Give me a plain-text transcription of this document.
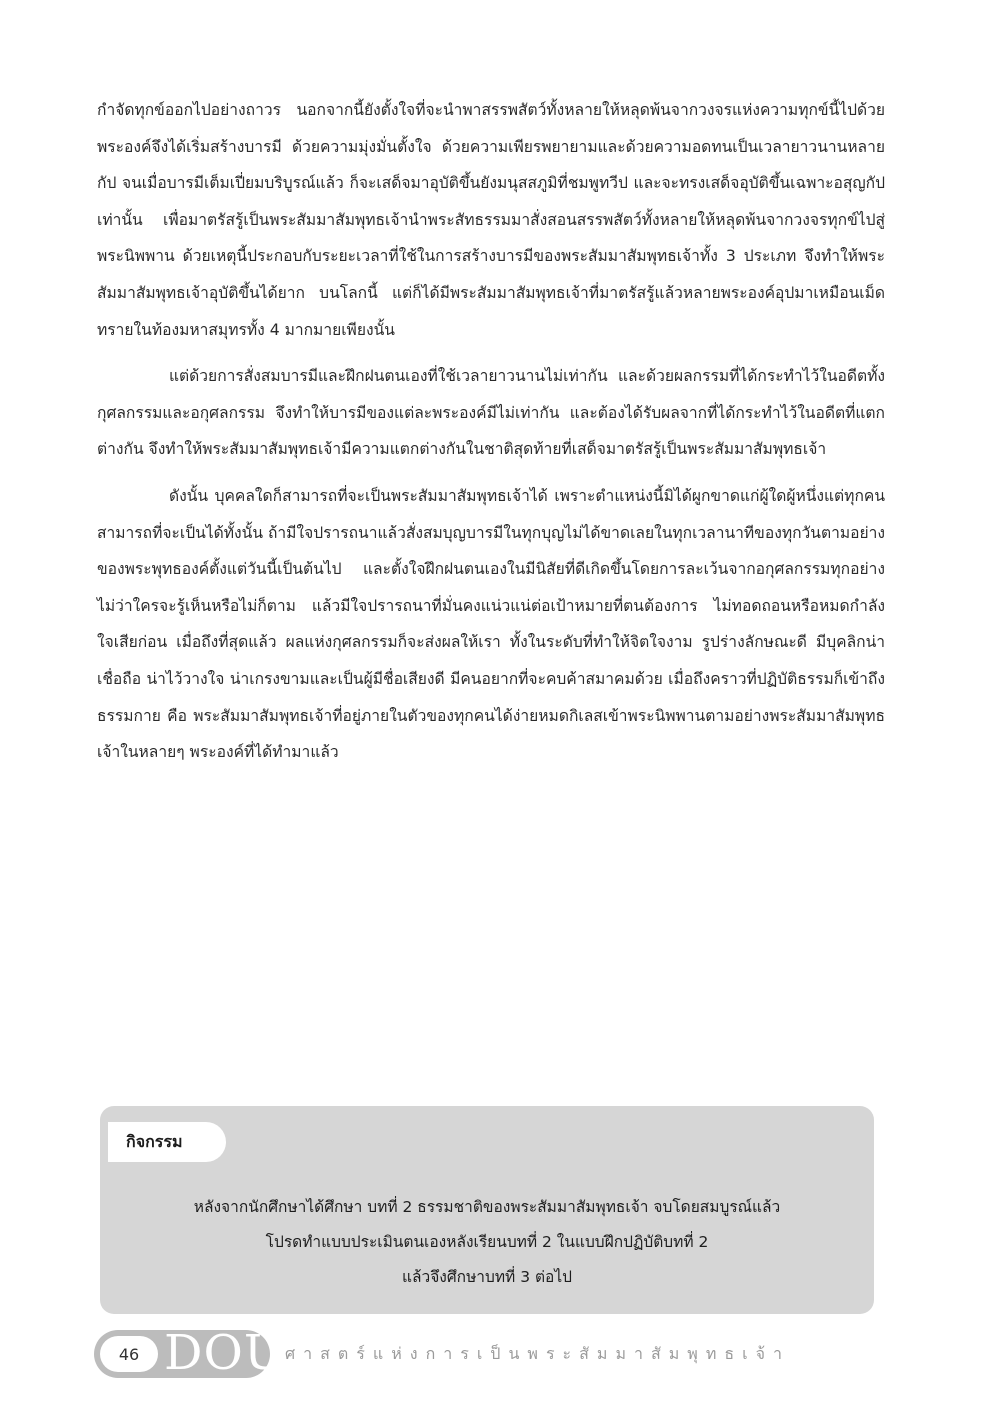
กำจัดทุกข์ออกไปอย่างถาวร นอกจากนี้ยังตั้งใจที่จะนำพาสรรพสัตว์ทั้งหลายให้หลุดพ้นจากวงจรแห่งความทุกข์นี้ไปด้วย พระองค์จึงได้เริ่มสร้างบารมี ด้วยความมุ่งมั่นตั้งใจ ด้วยความเพียรพยายามและด้วยความอดทนเป็นเวลายาวนานหลายกัป จนเมื่อบารมีเต็มเปี่ยมบริบูรณ์แล้ว ก็จะเสด็จมาอุบัติขึ้นยังมนุสสภูมิที่ชมพูทวีป และจะทรงเสด็จอุบัติขึ้นเฉพาะอสุญกัปเท่านั้น เพื่อมาตรัสรู้เป็นพระสัมมาสัมพุทธเจ้านำพระสัทธรรมมาสั่งสอนสรรพสัตว์ทั้งหลายให้หลุดพ้นจากวงจรทุกข์ไปสู่พระนิพพาน ด้วยเหตุนี้ประกอบกับระยะเวลาที่ใช้ในการสร้างบารมีของพระสัมมาสัมพุทธเจ้าทั้ง 3 ประเภท จึงทำให้พระสัมมาสัมพุทธเจ้าอุบัติขึ้นได้ยาก บนโลกนี้ แต่ก็ได้มีพระสัมมาสัมพุทธเจ้าที่มาตรัสรู้แล้วหลายพระองค์อุปมาเหมือนเม็ดทรายในท้องมหาสมุทรทั้ง 4 มากมายเพียงนั้น

แต่ด้วยการสั่งสมบารมีและฝึกฝนตนเองที่ใช้เวลายาวนานไม่เท่ากัน และด้วยผลกรรมที่ได้กระทำไว้ในอดีตทั้งกุศลกรรมและอกุศลกรรม จึงทำให้บารมีของแต่ละพระองค์มีไม่เท่ากัน และต้องได้รับผลจากที่ได้กระทำไว้ในอดีตที่แตกต่างกัน จึงทำให้พระสัมมาสัมพุทธเจ้ามีความแตกต่างกันในชาติสุดท้ายที่เสด็จมาตรัสรู้เป็นพระสัมมาสัมพุทธเจ้า

ดังนั้น บุคคลใดก็สามารถที่จะเป็นพระสัมมาสัมพุทธเจ้าได้ เพราะตำแหน่งนี้มิได้ผูกขาดแก่ผู้ใดผู้หนึ่งแต่ทุกคนสามารถที่จะเป็นได้ทั้งนั้น ถ้ามีใจปรารถนาแล้วสั่งสมบุญบารมีในทุกบุญไม่ได้ขาดเลยในทุกเวลานาทีของทุกวันตามอย่างของพระพุทธองค์ตั้งแต่วันนี้เป็นต้นไป และตั้งใจฝึกฝนตนเองในมีนิสัยที่ดีเกิดขึ้นโดยการละเว้นจากอกุศลกรรมทุกอย่าง ไม่ว่าใครจะรู้เห็นหรือไม่ก็ตาม แล้วมีใจปรารถนาที่มั่นคงแน่วแน่ต่อเป้าหมายที่ตนต้องการ ไม่ทอดถอนหรือหมดกำลังใจเสียก่อน เมื่อถึงที่สุดแล้ว ผลแห่งกุศลกรรมก็จะส่งผลให้เรา ทั้งในระดับที่ทำให้จิตใจงาม รูปร่างลักษณะดี มีบุคลิกน่าเชื่อถือ น่าไว้วางใจ น่าเกรงขามและเป็นผู้มีชื่อเสียงดี มีคนอยากที่จะคบค้าสมาคมด้วย เมื่อถึงคราวที่ปฏิบัติธรรมก็เข้าถึงธรรมกาย คือ พระสัมมาสัมพุทธเจ้าที่อยู่ภายในตัวของทุกคนได้ง่ายหมดกิเลสเข้าพระนิพพานตามอย่างพระสัมมาสัมพุทธเจ้าในหลายๆ พระองค์ที่ได้ทำมาแล้ว

กิจกรรม
หลังจากนักศึกษาได้ศึกษา บทที่ 2 ธรรมชาติของพระสัมมาสัมพุทธเจ้า จบโดยสมบูรณ์แล้ว
โปรดทำแบบประเมินตนเองหลังเรียนบทที่ 2 ในแบบฝึกปฏิบัติบทที่ 2
แล้วจึงศึกษาบทที่ 3 ต่อไป
46 DOU ศาสตร์แห่งการเป็นพระสัมมาสัมพุทธเจ้า
